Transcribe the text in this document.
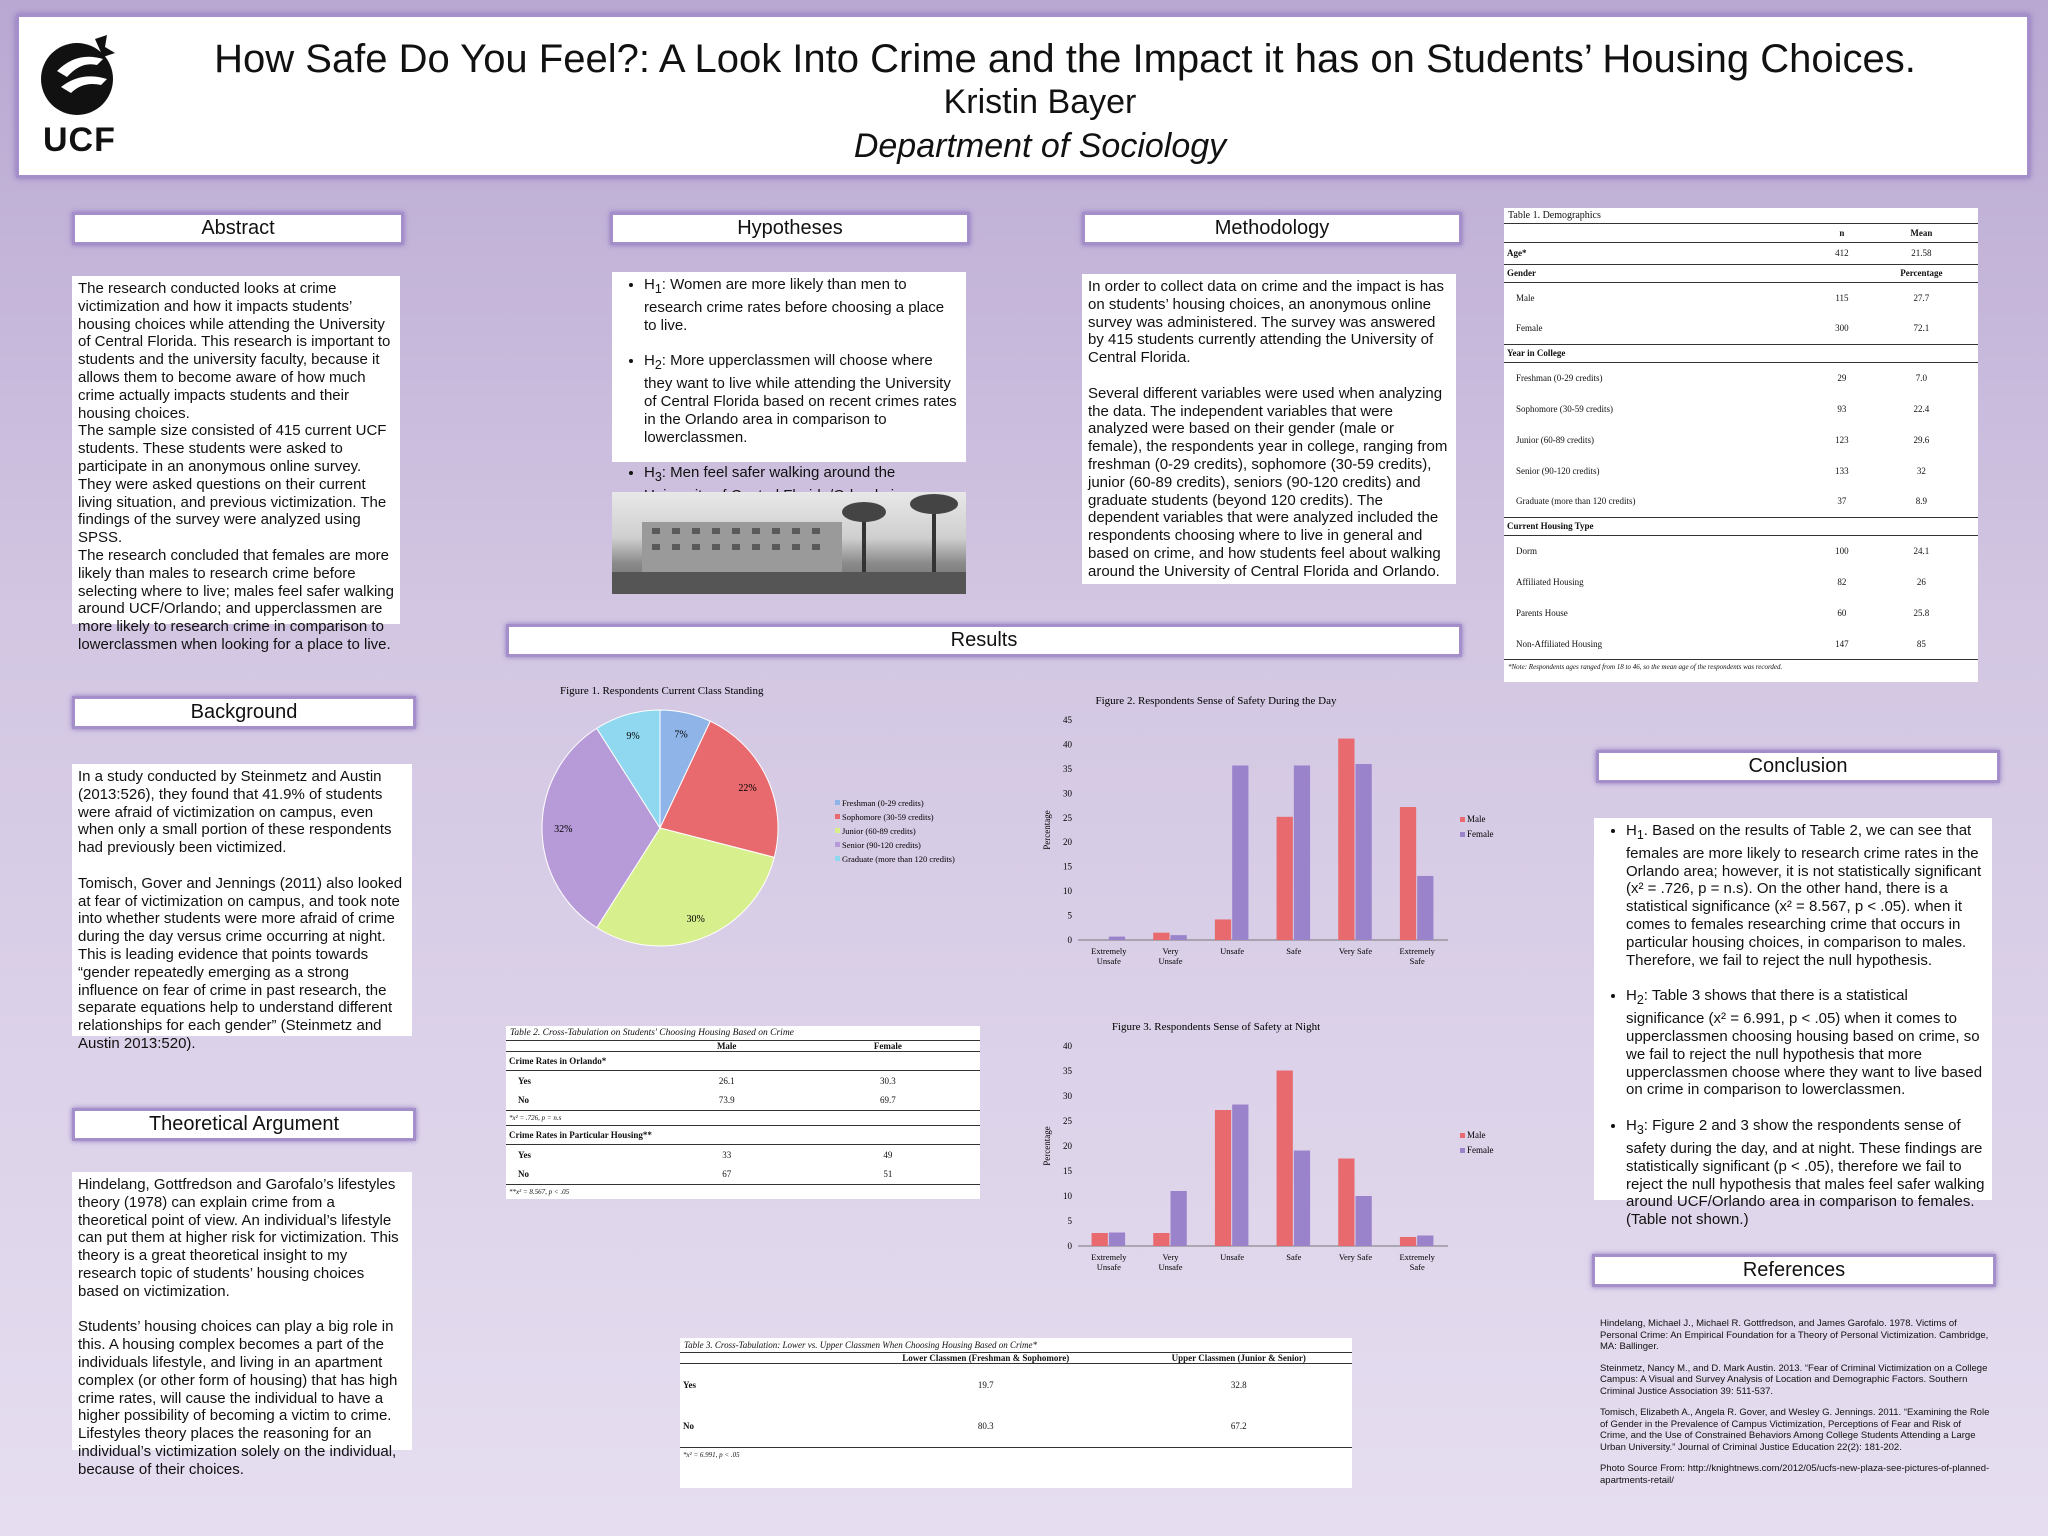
UCF
How Safe Do You Feel?: A Look Into Crime and the Impact it has on Students’ Housing Choices.
Kristin Bayer
Department of Sociology
Abstract

The research conducted looks at crime victimization and how it impacts students’ housing choices while attending the University of Central Florida. This research is important to students and the university faculty, because it allows them to become aware of how much crime actually impacts students and their housing choices.
The sample size consisted of 415 current UCF students. These students were asked to participate in an anonymous online survey. They were asked questions on their current living situation, and previous victimization. The findings of the survey were analyzed using SPSS.
The research concluded that females are more likely than males to research crime before selecting where to live; males feel safer walking around UCF/Orlando; and upperclassmen are more likely to research crime in comparison to lowerclassmen when looking for a place to live.

Background

In a study conducted by Steinmetz and Austin (2013:526), they found that 41.9% of students were afraid of victimization on campus, even when only a small portion of these respondents had previously been victimized.

Tomisch, Gover and Jennings (2011) also looked at fear of victimization on campus, and took note into whether students were more afraid of crime during the day versus crime occurring at night. This is leading evidence that points towards “gender repeatedly emerging as a strong influence on fear of crime in past research, the separate equations help to understand different relationships for each gender” (Steinmetz and Austin 2013:520).

Theoretical Argument

Hindelang, Gottfredson and Garofalo’s lifestyles theory (1978) can explain crime from a theoretical point of view. An individual’s lifestyle can put them at higher risk for victimization. This theory is a great theoretical insight to my research topic of students’ housing choices based on victimization.

Students’ housing choices can play a big role in this. A housing complex becomes a part of the individuals lifestyle, and living in an apartment complex (or other form of housing) that has high crime rates, will cause the individual to have a higher possibility of becoming a victim to crime. Lifestyles theory places the reasoning for an individual’s victimization solely on the individual, because of their choices.

Hypotheses
• $H_1$: Women are more likely than men to research crime rates before choosing a place to live.
• $H_2$: More upperclassmen will choose where they want to live while attending the University of Central Florida based on recent crimes rates in the Orlando area in comparison to lowerclassmen.
• $H_3$: Men feel safer walking around the
Methodology

In order to collect data on crime and the impact is has on students’ housing choices, an anonymous online survey was administered. The survey was answered by 415 students currently attending the University of Central Florida.

Several different variables were used when analyzing the data. The independent variables that were analyzed were based on their gender (male or female), the respondents year in college, ranging from freshman (0-29 credits), sophomore (30-59 credits), junior (60-89 credits), seniors (90-120 credits) and graduate students (beyond 120 credits). The dependent variables that were analyzed included the respondents choosing where to live in general and based on crime, and how students feel about walking around the University of Central Florida and Orlando.

Results
Figure 1. Respondents Current Class Standing
7%
22%
30%
32%
9%
Freshman (0-29 credits)
Sophomore (30-59 credits)
Junior (60-89 credits)
Senior (90-120 credits)
Graduate (more than 120 credits)
Figure 2. Respondents Sense of Safety During the Day
0
5
10
15
20
25
30
35
40
45
Percentage
Extremely
Unsafe
Very
Unsafe
Unsafe	Safe	Very Safe	Extremely
Safe
Male
Female
Figure 3. Respondents Sense of Safety at Night
0
5
10
15
20
25
30
35
40
Percentage
Extremely
Unsafe
Very
Unsafe
Unsafe	Safe	Very Safe	Extremely
Safe
Male
Female
Table 2. Cross-Tabulation on Students' Choosing Housing Based on Crime
	Male	Female
Crime Rates in Orlando*		
Yes	26.1	30.3
No	73.9	69.7
*x² = .726, p = n.s		
Crime Rates in Particular Housing**		
Yes	33	49
No	67	51
**x² = 8.567, p < .05		
Table 3. Cross-Tabulation: Lower vs. Upper Classmen When Choosing Housing Based on Crime*
	Lower Classmen (Freshman & Sophomore)	Upper Classmen (Junior & Senior)
Yes	19.7	32.8
No	80.3	67.2
*x² = 6.991, p < .05		
Table 1. Demographics
	n	Mean
Age*	412	21.58
Gender		Percentage
Male	115	27.7
Female	300	72.1
Year in College		
Freshman (0-29 credits)	29	7.0
Sophomore (30-59 credits)	93	22.4
Junior (60-89 credits)	123	29.6
Senior (90-120 credits)	133	32
Graduate (more than 120 credits)	37	8.9
Current Housing Type		
Dorm	100	24.1
Affiliated Housing	82	26
Parents House	60	25.8
Non-Affiliated Housing	147	85
*Note: Respondents ages ranged from 18 to 46, so the mean age of the respondents was recorded.
Conclusion
• $H_1$. Based on the results of Table 2, we can see that females are more likely to research crime rates in the Orlando area; however, it is not statistically significant (x² = .726, p = n.s). On the other hand, there is a statistical significance (x² = 8.567, p < .05). when it comes to females researching crime that occurs in particular housing choices, in comparison to males. Therefore, we fail to reject the null hypothesis.
• $H_2$: Table 3 shows that there is a statistical significance (x² = 6.991, p < .05) when it comes to upperclassmen choosing housing based on crime, so we fail to reject the null hypothesis that more upperclassmen choose where they want to live based on crime in comparison to lowerclassmen.
• $H_3$: Figure 2 and 3 show the respondents sense of safety during the day, and at night. These findings are statistically significant (p < .05), therefore we fail to reject the null hypothesis that males feel safer walking around UCF/Orlando area in comparison to females. (Table not shown.)
References

Hindelang, Michael J., Michael R. Gottfredson, and James Garofalo. 1978. Victims of Personal Crime: An Empirical Foundation for a Theory of Personal Victimization. Cambridge, MA: Ballinger.

Steinmetz, Nancy M., and D. Mark Austin. 2013. “Fear of Criminal Victimization on a College Campus: A Visual and Survey Analysis of Location and Demographic Factors. Southern Criminal Justice Association 39: 511-537.

Tomisch, Elizabeth A., Angela R. Gover, and Wesley G. Jennings. 2011. “Examining the Role of Gender in the Prevalence of Campus Victimization, Perceptions of Fear and Risk of Crime, and the Use of Constrained Behaviors Among College Students Attending a Large Urban University.” Journal of Criminal Justice Education 22(2): 181-202.

Photo Source From: http://knightnews.com/2012/05/ucfs-new-plaza-see-pictures-of-planned-apartments-retail/
